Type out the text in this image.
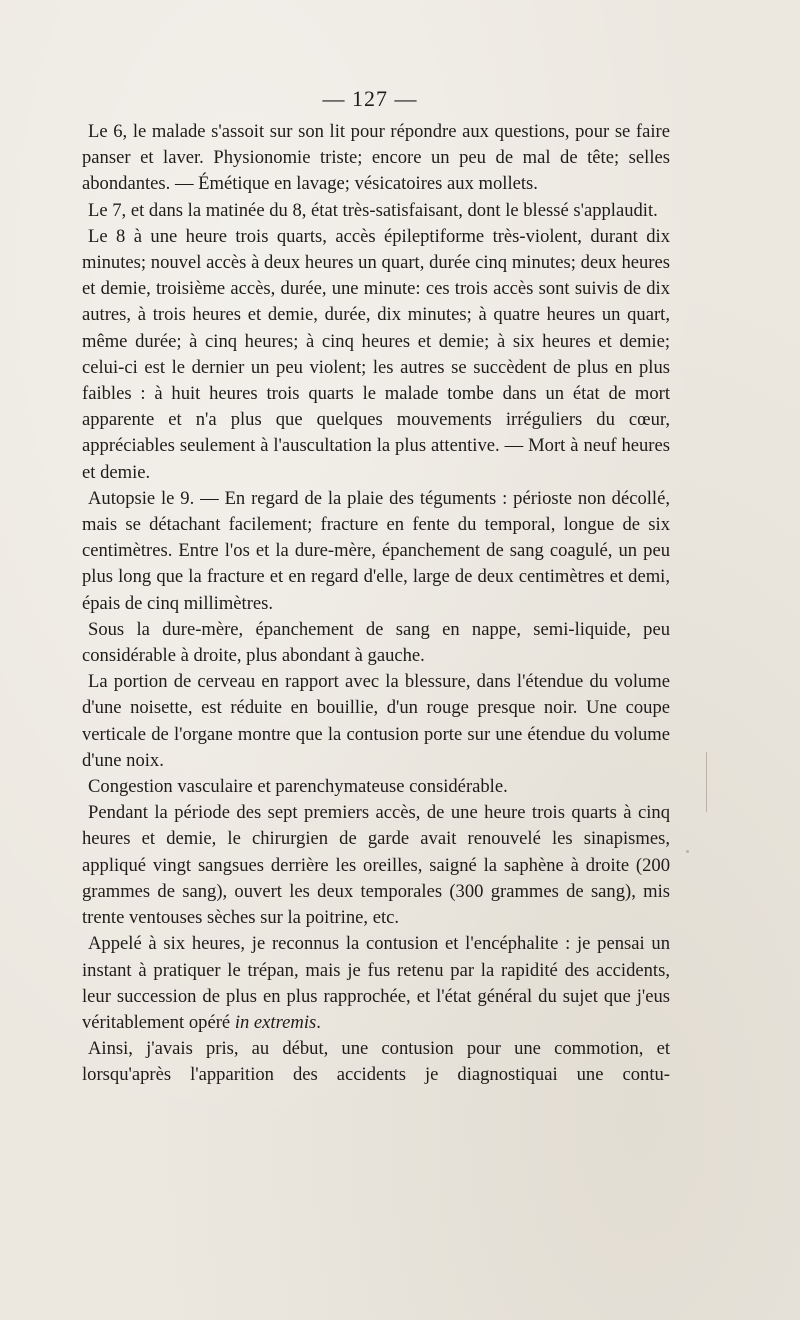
— 127 —

Le 6, le malade s'assoit sur son lit pour répondre aux questions, pour se faire panser et laver. Physionomie triste; encore un peu de mal de tête; selles abondantes. — Émétique en lavage; vésicatoires aux mollets.

Le 7, et dans la matinée du 8, état très-satisfaisant, dont le blessé s'applaudit.

Le 8 à une heure trois quarts, accès épileptiforme très-violent, durant dix minutes; nouvel accès à deux heures un quart, durée cinq minutes; deux heures et demie, troisième accès, durée, une minute: ces trois accès sont suivis de dix autres, à trois heures et demie, durée, dix minutes; à quatre heures un quart, même durée; à cinq heures; à cinq heures et demie; à six heures et demie; celui-ci est le dernier un peu violent; les autres se succèdent de plus en plus faibles : à huit heures trois quarts le malade tombe dans un état de mort apparente et n'a plus que quelques mouvements irréguliers du cœur, appréciables seulement à l'auscultation la plus attentive. — Mort à neuf heures et demie.

Autopsie le 9. — En regard de la plaie des téguments : périoste non décollé, mais se détachant facilement; fracture en fente du temporal, longue de six centimètres. Entre l'os et la dure-mère, épanchement de sang coagulé, un peu plus long que la fracture et en regard d'elle, large de deux centimètres et demi, épais de cinq millimètres.

Sous la dure-mère, épanchement de sang en nappe, semi-liquide, peu considérable à droite, plus abondant à gauche.

La portion de cerveau en rapport avec la blessure, dans l'étendue du volume d'une noisette, est réduite en bouillie, d'un rouge presque noir. Une coupe verticale de l'organe montre que la contusion porte sur une étendue du volume d'une noix.

Congestion vasculaire et parenchymateuse considérable.

Pendant la période des sept premiers accès, de une heure trois quarts à cinq heures et demie, le chirurgien de garde avait renouvelé les sinapismes, appliqué vingt sangsues derrière les oreilles, saigné la saphène à droite (200 grammes de sang), ouvert les deux temporales (300 grammes de sang), mis trente ventouses sèches sur la poitrine, etc.

Appelé à six heures, je reconnus la contusion et l'encéphalite : je pensai un instant à pratiquer le trépan, mais je fus retenu par la rapidité des accidents, leur succession de plus en plus rapprochée, et l'état général du sujet que j'eus véritablement opéré in extremis.

Ainsi, j'avais pris, au début, une contusion pour une commotion, et lorsqu'après l'apparition des accidents je diagnostiquai une contu-
